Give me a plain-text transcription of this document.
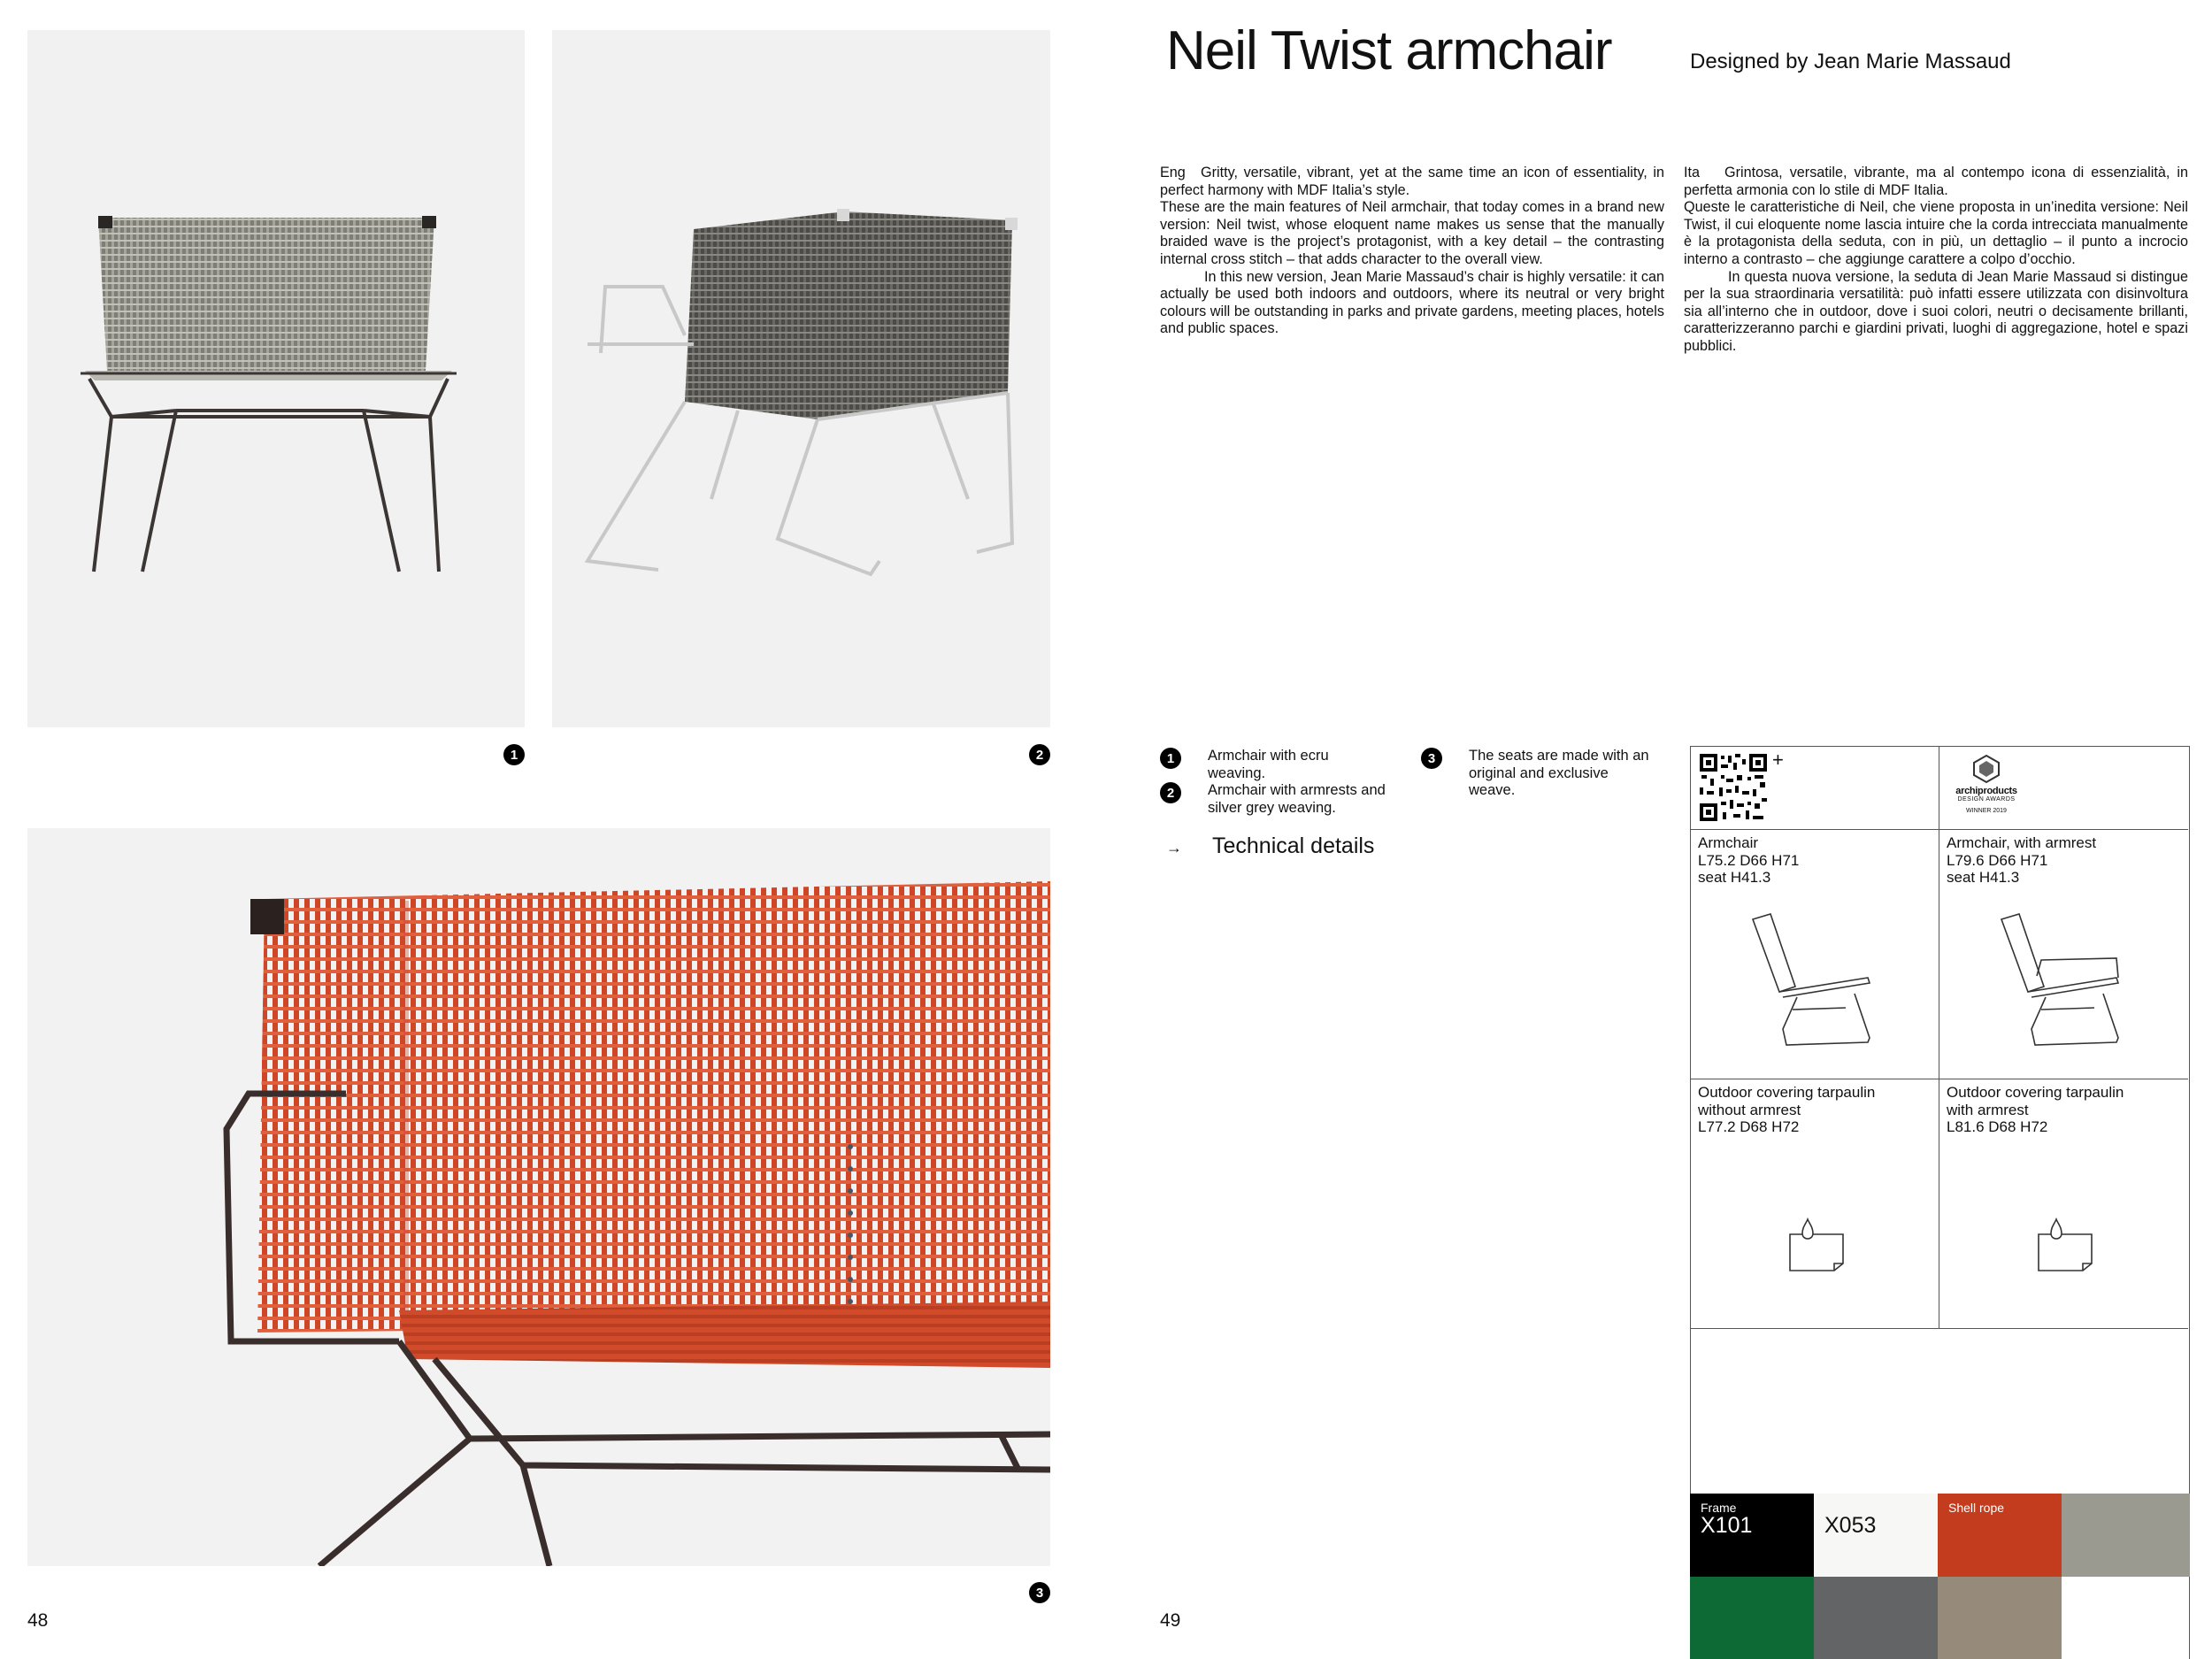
1	2
3
48
Neil Twist armchair	Designed by Jean Marie Massaud

Eng Gritty, versatile, vibrant, yet at the same time an icon of essentiality, in perfect harmony with MDF Italia’s style.

These are the main features of Neil armchair, that today comes in a brand new version: Neil twist, whose eloquent name makes us sense that the manually braided wave is the project’s protagonist, with a key detail – the contrasting internal cross stitch – that adds character to the overall view.

In this new version, Jean Marie Massaud’s chair is highly versatile: it can actually be used both indoors and outdoors, where its neutral or very bright colours will be outstanding in parks and private gardens, meeting places, hotels and public spaces.

Ita Grintosa, versatile, vibrante, ma al contempo icona di essenzialità, in perfetta armonia con lo stile di MDF Italia.

Queste le caratteristiche di Neil, che viene proposta in un’inedita versione: Neil Twist, il cui eloquente nome lascia intuire che la corda intrecciata manualmente è la protagonista della seduta, con in più, un dettaglio – il punto a incrocio interno a contrasto – che aggiunge carattere a colpo d’occhio.

In questa nuova versione, la seduta di Jean Marie Massaud si distingue per la sua straordinaria versatilità: può infatti essere utilizzata con disinvoltura sia all’interno che in outdoor, dove i suoi colori, neutri o decisamente brillanti, caratterizzeranno parchi e giardini privati, luoghi di aggregazione, hotel e spazi pubblici.

1	Armchair with ecru weaving.
2	Armchair with armrests and silver grey weaving.
3	The seats are made with an original and exclusive weave.
→ Technical details
49
+
archiproducts
DESIGN AWARDS
WINNER 2019
Armchair
L75.2 D66 H71
seat H41.3
Armchair, with armrest
L79.6 D66 H71
seat H41.3
Outdoor covering tarpaulin
without armrest
L77.2 D68 H72
Outdoor covering tarpaulin
with armrest
L81.6 D68 H72
Frame
X101	X053
Shell rope
